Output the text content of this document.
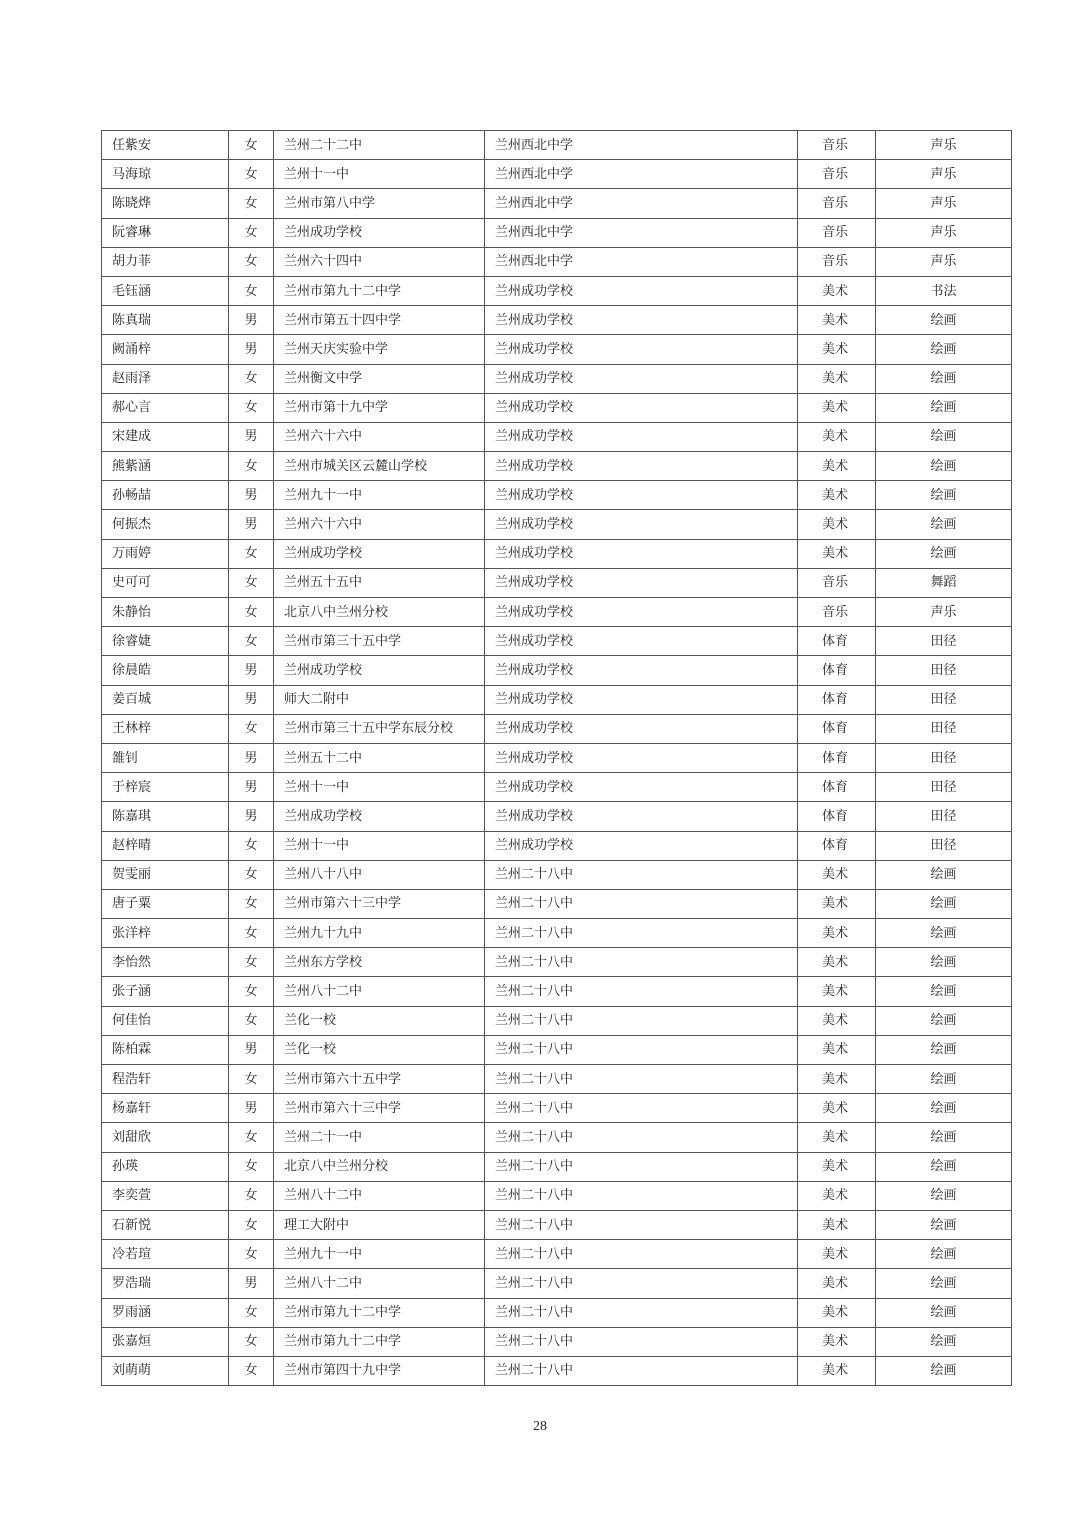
任紫安	女	兰州二十二中	兰州西北中学	音乐	声乐
马海琼	女	兰州十一中	兰州西北中学	音乐	声乐
陈晓烨	女	兰州市第八中学	兰州西北中学	音乐	声乐
阮睿琳	女	兰州成功学校	兰州西北中学	音乐	声乐
胡力菲	女	兰州六十四中	兰州西北中学	音乐	声乐
毛钰涵	女	兰州市第九十二中学	兰州成功学校	美术	书法
陈真瑞	男	兰州市第五十四中学	兰州成功学校	美术	绘画
阙涌梓	男	兰州天庆实验中学	兰州成功学校	美术	绘画
赵雨泽	女	兰州衡文中学	兰州成功学校	美术	绘画
郝心言	女	兰州市第十九中学	兰州成功学校	美术	绘画
宋建成	男	兰州六十六中	兰州成功学校	美术	绘画
熊紫涵	女	兰州市城关区云麓山学校	兰州成功学校	美术	绘画
孙畅喆	男	兰州九十一中	兰州成功学校	美术	绘画
何振杰	男	兰州六十六中	兰州成功学校	美术	绘画
万雨婷	女	兰州成功学校	兰州成功学校	美术	绘画
史可可	女	兰州五十五中	兰州成功学校	音乐	舞蹈
朱静怡	女	北京八中兰州分校	兰州成功学校	音乐	声乐
徐睿婕	女	兰州市第三十五中学	兰州成功学校	体育	田径
徐晨皓	男	兰州成功学校	兰州成功学校	体育	田径
姜百城	男	师大二附中	兰州成功学校	体育	田径
王林梓	女	兰州市第三十五中学东辰分校	兰州成功学校	体育	田径
雒钊	男	兰州五十二中	兰州成功学校	体育	田径
于梓宸	男	兰州十一中	兰州成功学校	体育	田径
陈嘉琪	男	兰州成功学校	兰州成功学校	体育	田径
赵梓晴	女	兰州十一中	兰州成功学校	体育	田径
贺雯丽	女	兰州八十八中	兰州二十八中	美术	绘画
唐子粟	女	兰州市第六十三中学	兰州二十八中	美术	绘画
张洋梓	女	兰州九十九中	兰州二十八中	美术	绘画
李怡然	女	兰州东方学校	兰州二十八中	美术	绘画
张子涵	女	兰州八十二中	兰州二十八中	美术	绘画
何佳怡	女	兰化一校	兰州二十八中	美术	绘画
陈柏霖	男	兰化一校	兰州二十八中	美术	绘画
程浩轩	女	兰州市第六十五中学	兰州二十八中	美术	绘画
杨嘉轩	男	兰州市第六十三中学	兰州二十八中	美术	绘画
刘甜欣	女	兰州二十一中	兰州二十八中	美术	绘画
孙瑛	女	北京八中兰州分校	兰州二十八中	美术	绘画
李奕萱	女	兰州八十二中	兰州二十八中	美术	绘画
石新悦	女	理工大附中	兰州二十八中	美术	绘画
冷若瑄	女	兰州九十一中	兰州二十八中	美术	绘画
罗浩瑞	男	兰州八十二中	兰州二十八中	美术	绘画
罗雨涵	女	兰州市第九十二中学	兰州二十八中	美术	绘画
张嘉烜	女	兰州市第九十二中学	兰州二十八中	美术	绘画
刘萌萌	女	兰州市第四十九中学	兰州二十八中	美术	绘画
28
